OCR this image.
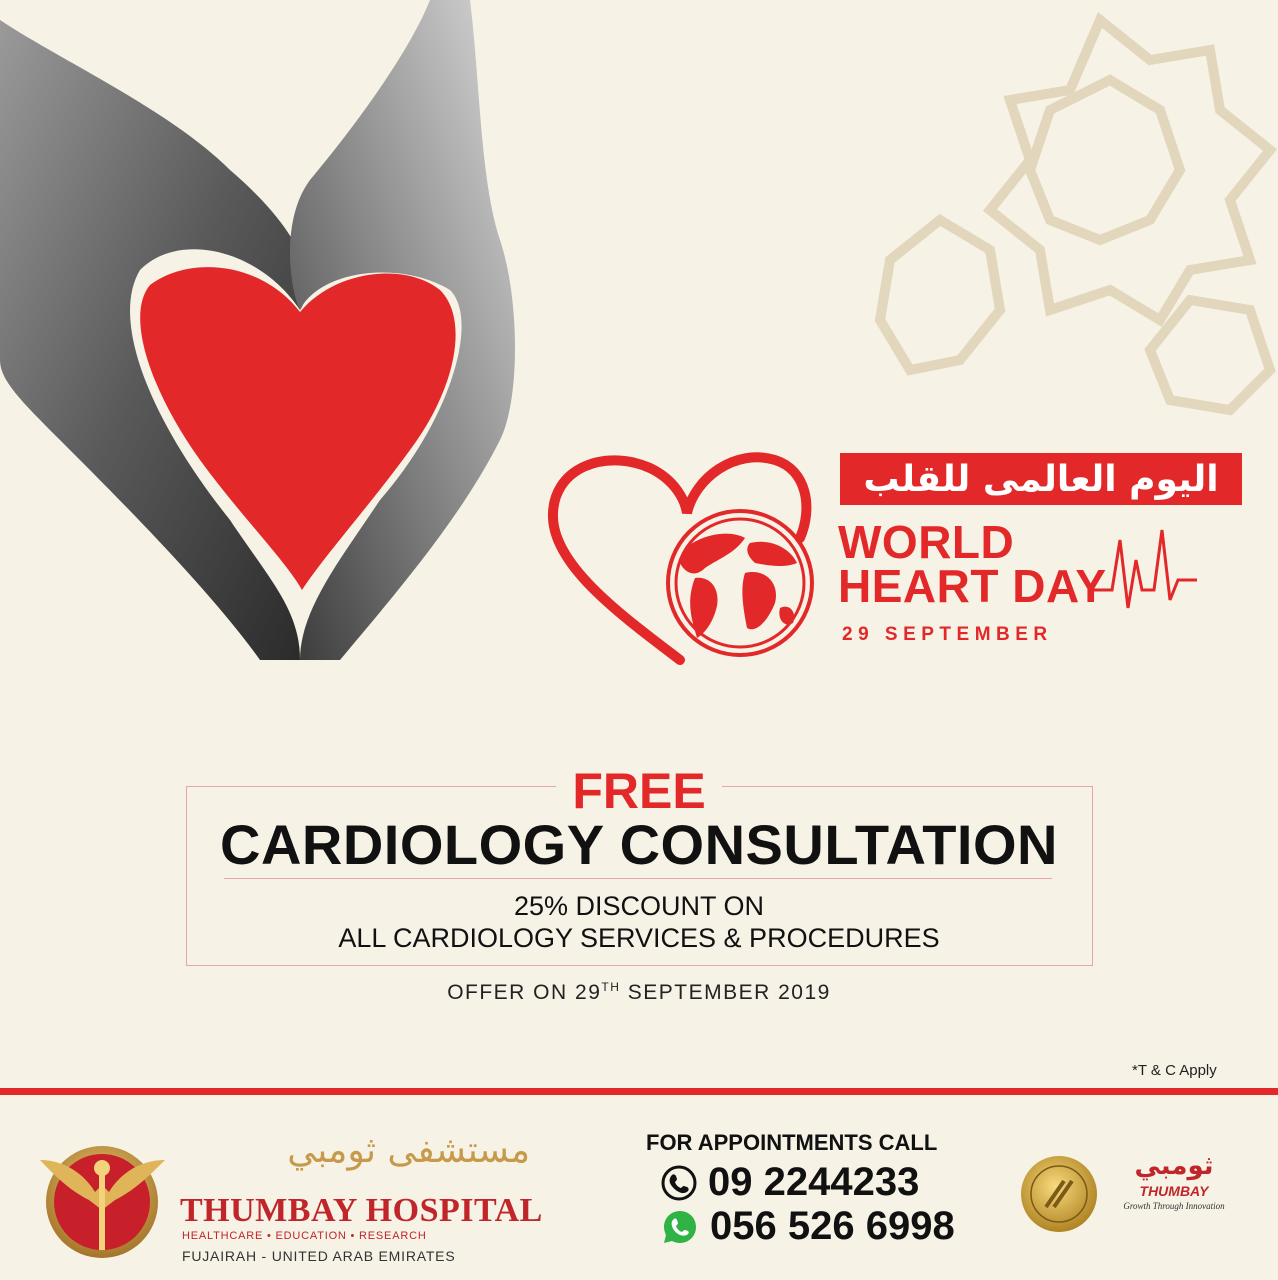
اليوم العالمى للقلب
WORLD
HEART DAY
29 SEPTEMBER
FREE
CARDIOLOGY CONSULTATION
25% DISCOUNT ON
ALL CARDIOLOGY SERVICES & PROCEDURES
OFFER ON 29TH SEPTEMBER 2019
*T & C Apply
مستشفى ثومبي
THUMBAY HOSPITAL
HEALTHCARE • EDUCATION • RESEARCH
FUJAIRAH - UNITED ARAB EMIRATES
FOR APPOINTMENTS CALL
09 2244233
056 526 6998
ثومبي
THUMBAY
Growth Through Innovation
